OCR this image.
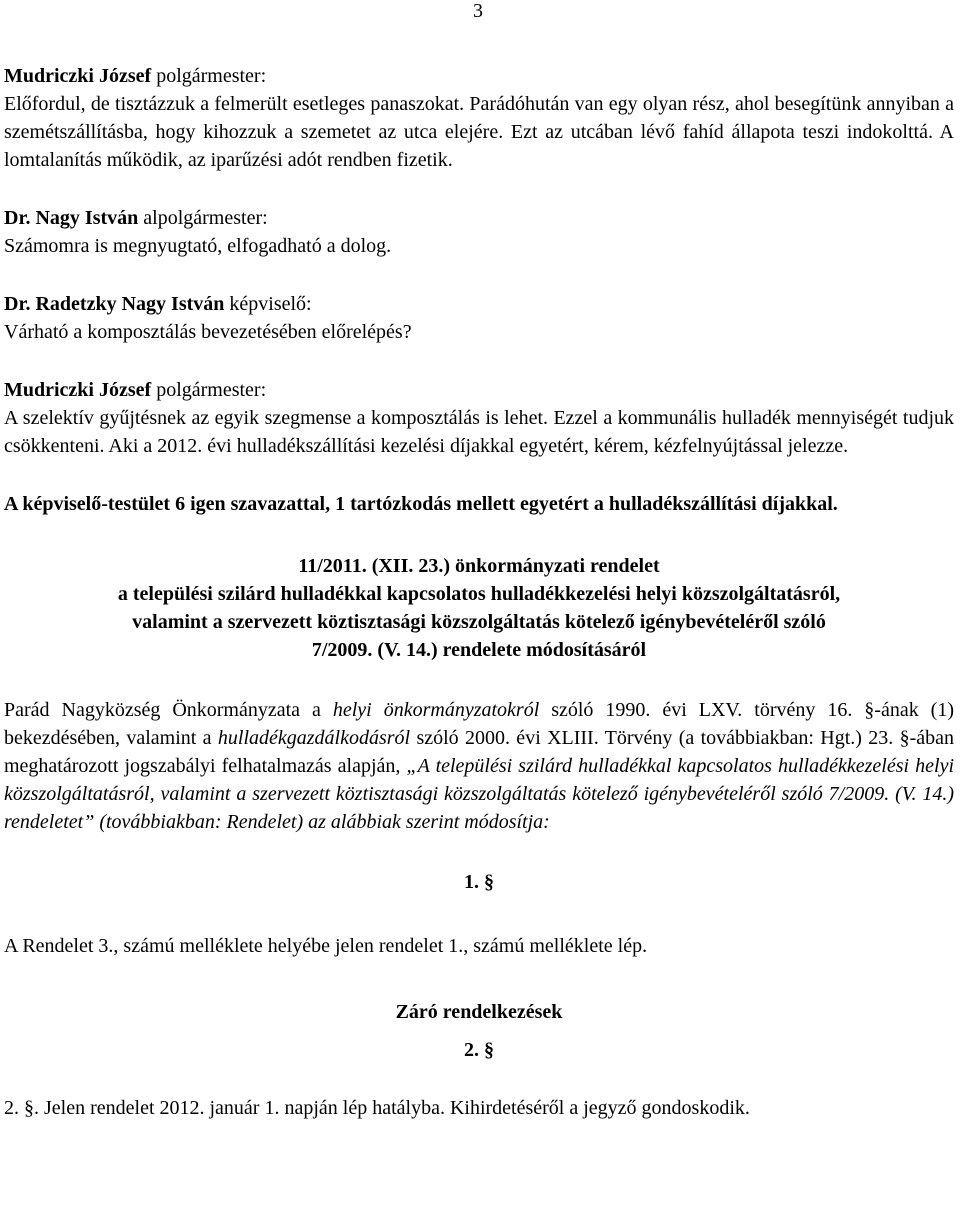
3
Mudriczki József polgármester:

Előfordul, de tisztázzuk a felmerült esetleges panaszokat. Parádóhután van egy olyan rész, ahol besegítünk annyiban a szemétszállításba, hogy kihozzuk a szemetet az utca elejére. Ezt az utcában lévő fahíd állapota teszi indokolttá. A lomtalanítás működik, az iparűzési adót rendben fizetik.

Dr. Nagy István alpolgármester:

Számomra is megnyugtató, elfogadható a dolog.

Dr. Radetzky Nagy István képviselő:

Várható a komposztálás bevezetésében előrelépés?

Mudriczki József polgármester:

A szelektív gyűjtésnek az egyik szegmense a komposztálás is lehet. Ezzel a kommunális hulladék mennyiségét tudjuk csökkenteni. Aki a 2012. évi hulladékszállítási kezelési díjakkal egyetért, kérem, kézfelnyújtással jelezze.

A képviselő-testület 6 igen szavazattal, 1 tartózkodás mellett egyetért a hulladékszállítási díjakkal.

11/2011. (XII. 23.) önkormányzati rendelet
a települési szilárd hulladékkal kapcsolatos hulladékkezelési helyi közszolgáltatásról,
valamint a szervezett köztisztasági közszolgáltatás kötelező igénybevételéről szóló
7/2009. (V. 14.) rendelete módosításáról

Parád Nagyközség Önkormányzata a helyi önkormányzatokról szóló 1990. évi LXV. törvény 16. §-ának (1) bekezdésében, valamint a hulladékgazdálkodásról szóló 2000. évi XLIII. Törvény (a továbbiakban: Hgt.) 23. §-ában meghatározott jogszabályi felhatalmazás alapján, „A települési szilárd hulladékkal kapcsolatos hulladékkezelési helyi közszolgáltatásról, valamint a szervezett köztisztasági közszolgáltatás kötelező igénybevételéről szóló 7/2009. (V. 14.) rendeletet” (továbbiakban: Rendelet) az alábbiak szerint módosítja:

1. §

A Rendelet 3., számú melléklete helyébe jelen rendelet 1., számú melléklete lép.

Záró rendelkezések
2. §

2. §. Jelen rendelet 2012. január 1. napján lép hatályba. Kihirdetéséről a jegyző gondoskodik.
